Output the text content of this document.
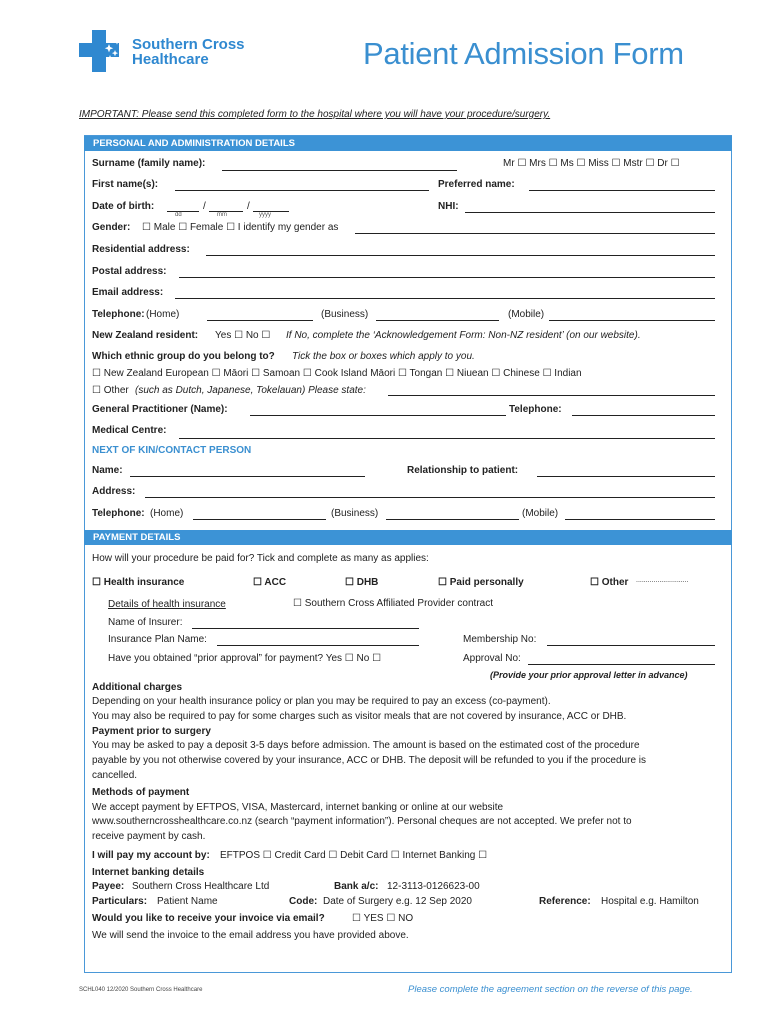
Southern Cross
Healthcare	Patient Admission Form
IMPORTANT: Please send this completed form to the hospital where you will have your procedure/surgery.
PERSONAL AND ADMINISTRATION DETAILS
Surname (family name):	Mr ☐ Mrs ☐ Ms ☐ Miss ☐ Mstr ☐ Dr ☐
First name(s):	Preferred name:
Date of birth:	/	/
dd	mm	yyyy
NHI:
Gender: ☐ Male ☐ Female ☐ I identify my gender as
Residential address:
Postal address:
Email address:
Telephone: (Home)	(Business)	(Mobile)
New Zealand resident: Yes ☐ No ☐ If No, complete the ‘Acknowledgement Form: Non-NZ resident’ (on our website).
Which ethnic group do you belong to? Tick the box or boxes which apply to you.
☐ New Zealand European ☐ Māori ☐ Samoan ☐ Cook Island Māori ☐ Tongan ☐ Niuean ☐ Chinese ☐ Indian
☐ Other (such as Dutch, Japanese, Tokelauan) Please state:
General Practitioner (Name):	Telephone:
Medical Centre:
NEXT OF KIN/CONTACT PERSON
Name:	Relationship to patient:
Address:
Telephone: (Home)	(Business)	(Mobile)
PAYMENT DETAILS
How will your procedure be paid for? Tick and complete as many as applies:
☐ Health insurance	☐ ACC	☐ DHB	☐ Paid personally	☐ Other ...........................
Details of health insurance	☐ Southern Cross Affiliated Provider contract
Name of Insurer:
Insurance Plan Name:	Membership No:
Have you obtained “prior approval” for payment? Yes ☐ No ☐	Approval No:
(Provide your prior approval letter in advance)
Additional charges
Depending on your health insurance policy or plan you may be required to pay an excess (co-payment).
You may also be required to pay for some charges such as visitor meals that are not covered by insurance, ACC or DHB.
Payment prior to surgery
You may be asked to pay a deposit 3-5 days before admission. The amount is based on the estimated cost of the procedure
payable by you not otherwise covered by your insurance, ACC or DHB. The deposit will be refunded to you if the procedure is
cancelled.
Methods of payment
We accept payment by EFTPOS, VISA, Mastercard, internet banking or online at our website
www.southerncrosshealthcare.co.nz (search “payment information”). Personal cheques are not accepted. We prefer not to
receive payment by cash.
I will pay my account by: EFTPOS ☐ Credit Card ☐ Debit Card ☐ Internet Banking ☐
Internet banking details
Payee: Southern Cross Healthcare Ltd	Bank a/c: 12-3113-0126623-00
Particulars: Patient Name	Code: Date of Surgery e.g. 12 Sep 2020	Reference: Hospital e.g. Hamilton
Would you like to receive your invoice via email?	☐ YES ☐ NO
We will send the invoice to the email address you have provided above.
SCHL040 12/2020 Southern Cross Healthcare	Please complete the agreement section on the reverse of this page.
